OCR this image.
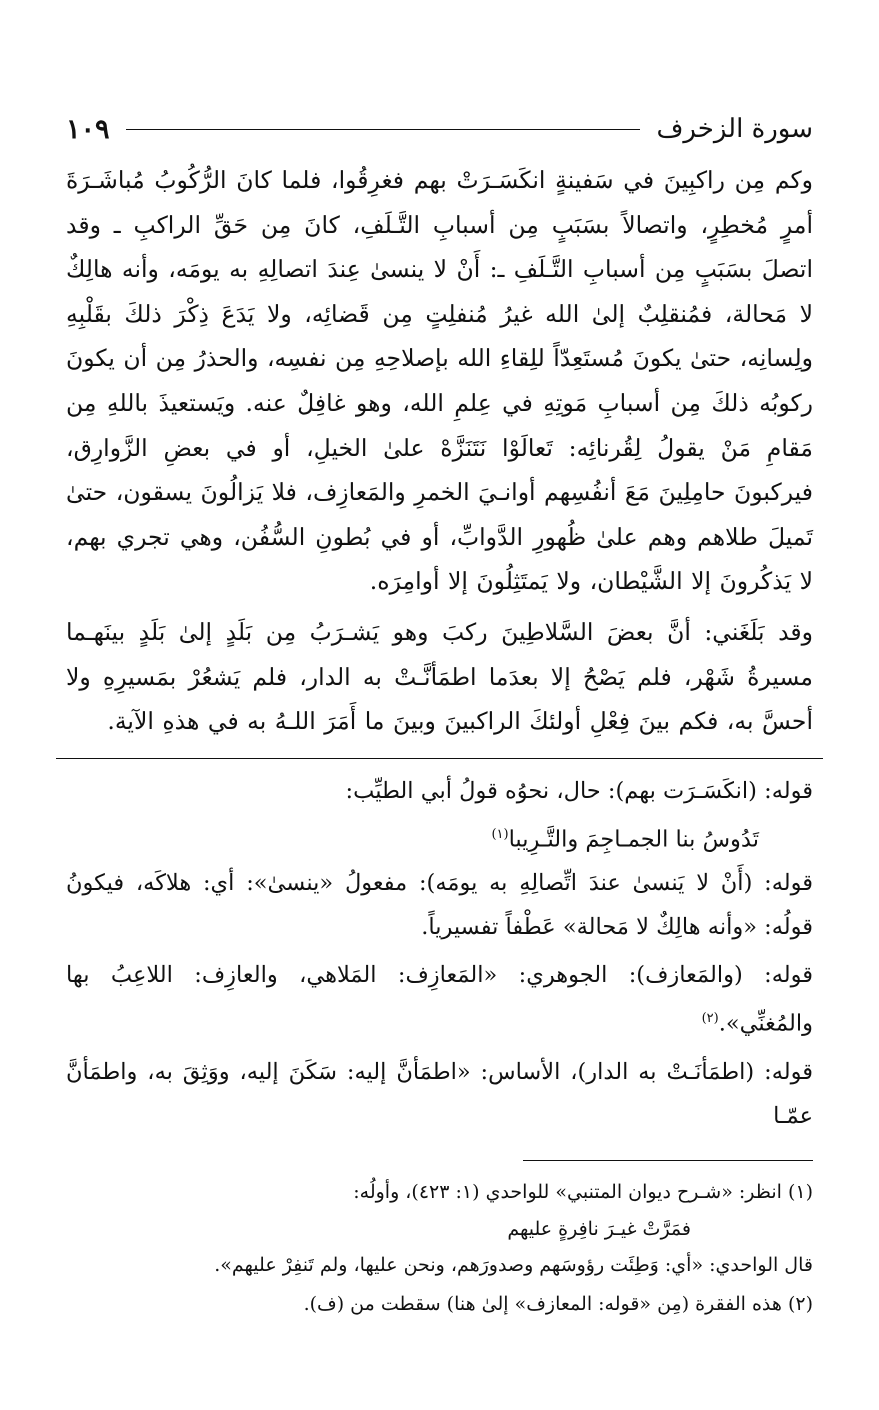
سورة الزخرف
١٠٩

وكم مِن راكبِينَ في سَفينةٍ انكَسَـرَتْ بهم فغرِقُوا، فلما كانَ الرُّكُوبُ مُباشَـرَةَ أمرٍ مُخطِرٍ، واتصالاً بسَبَبٍ مِن أسبابِ التَّـلَفِ، كانَ مِن حَقِّ الراكبِ ـ وقد اتصلَ بسَبَبٍ مِن أسبابِ التَّـلَفِ ـ: أَنْ لا ينسىٰ عِندَ اتصالِهِ به يومَه، وأنه هالِكٌ لا مَحالة، فمُنقلِبٌ إلىٰ الله غيرُ مُنفلِتٍ مِن قَضائِه، ولا يَدَعَ ذِكْرَ ذلكَ بقَلْبِهِ ولِسانِه، حتىٰ يكونَ مُستَعِدّاً للِقاءِ الله بإصلاحِهِ مِن نفسِه، والحذرُ مِن أن يكونَ ركوبُه ذلكَ مِن أسبابِ مَوتِهِ في عِلمِ الله، وهو غافِلٌ عنه. ويَستعيذَ باللهِ مِن مَقامِ مَنْ يقولُ لِقُرنائِه: تَعالَوْا نَتَنَزَّهْ علىٰ الخيلِ، أو في بعضِ الزَّوارِق، فيركبونَ حامِلِينَ مَعَ أنفُسِهم أوانـيَ الخمرِ والمَعازِف، فلا يَزالُونَ يسقون، حتىٰ تَميلَ طلاهم وهم علىٰ ظُهورِ الدَّوابِّ، أو في بُطونِ السُّفُن، وهي تجري بهم، لا يَذكُرونَ إلا الشَّيْطان، ولا يَمتَثِلُونَ إلا أوامِرَه.

وقد بَلَغَني: أنَّ بعضَ السَّلاطِينَ ركبَ وهو يَشـرَبُ مِن بَلَدٍ إلىٰ بَلَدٍ بينَهـما مسيرةُ شَهْر، فلم يَصْحُ إلا بعدَما اطمَأنَّـتْ به الدار، فلم يَشعُرْ بمَسيرِهِ ولا أحسَّ به، فكم بينَ فِعْلِ أولئكَ الراكبينَ وبينَ ما أَمَرَ اللـهُ به في هذهِ الآية.

قوله: (انكَسَـرَت بهم): حال، نحوُه قولُ أبي الطيِّب:

تَدُوسُ بنا الجمـاجِمَ والتَّـرِيبا$^{(١)}$

قوله: (أَنْ لا يَنسىٰ عندَ اتِّصالِهِ به يومَه): مفعولُ «ينسىٰ»: أي: هلاكَه، فيكونُ قولُه: «وأنه هالِكٌ لا مَحالة» عَطْفاً تفسيرياً.

قوله: (والمَعازف): الجوهري: «المَعازِف: المَلاهي، والعازِف: اللاعِبُ بها والمُغنِّي».$^{(٢)}$

قوله: (اطمَأنَـتْ به الدار)، الأساس: «اطمَأنَّ إليه: سَكَنَ إليه، ووَثِقَ به، واطمَأنَّ عمّـا

(١) انظر: «شـرح ديوان المتنبي» للواحدي (١: ٤٢٣)، وأولُه:

فمَرَّتْ غيـرَ نافِرةٍ عليهم

قال الواحدي: «أي: وَطِئَت رؤوسَهم وصدورَهم، ونحن عليها، ولم تَنفِرْ عليهم».

(٢) هذه الفقرة (مِن «قوله: المعازف» إلىٰ هنا) سقطت من (ف).
